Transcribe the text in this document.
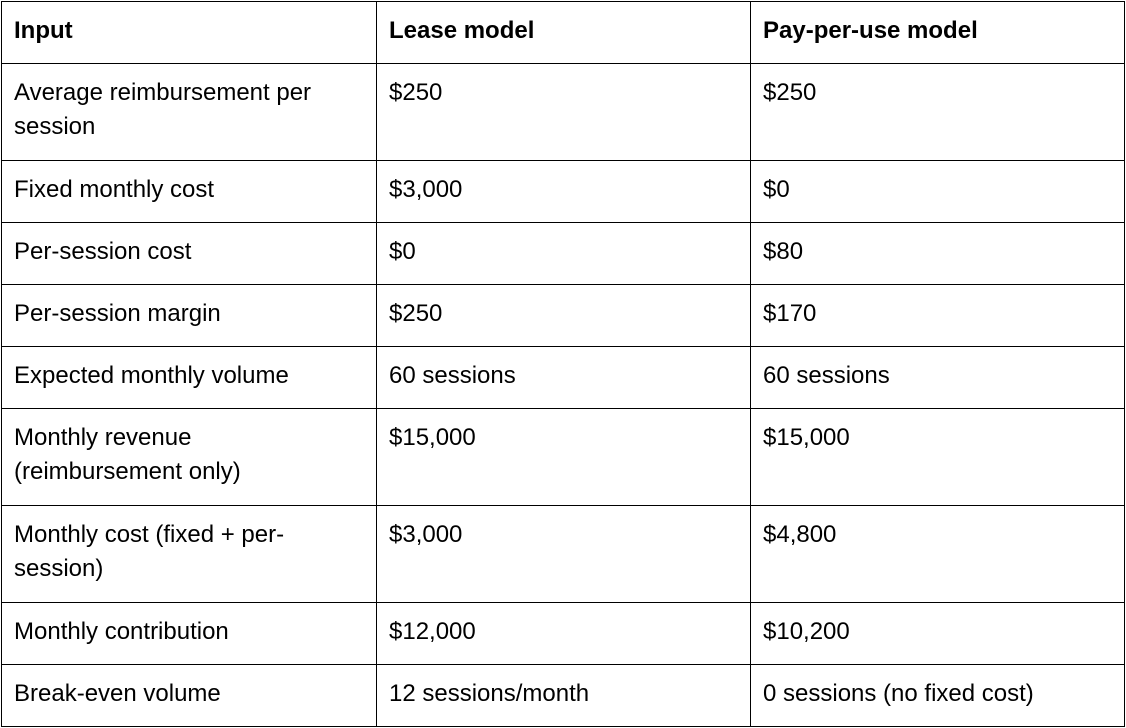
Input	Lease model	Pay-per-use model
Average reimbursement per session	$250	$250
Fixed monthly cost	$3,000	$0
Per-session cost	$0	$80
Per-session margin	$250	$170
Expected monthly volume	60 sessions	60 sessions
Monthly revenue (reimbursement only)	$15,000	$15,000
Monthly cost (fixed + per-session)	$3,000	$4,800
Monthly contribution	$12,000	$10,200
Break-even volume	12 sessions/month	0 sessions (no fixed cost)
